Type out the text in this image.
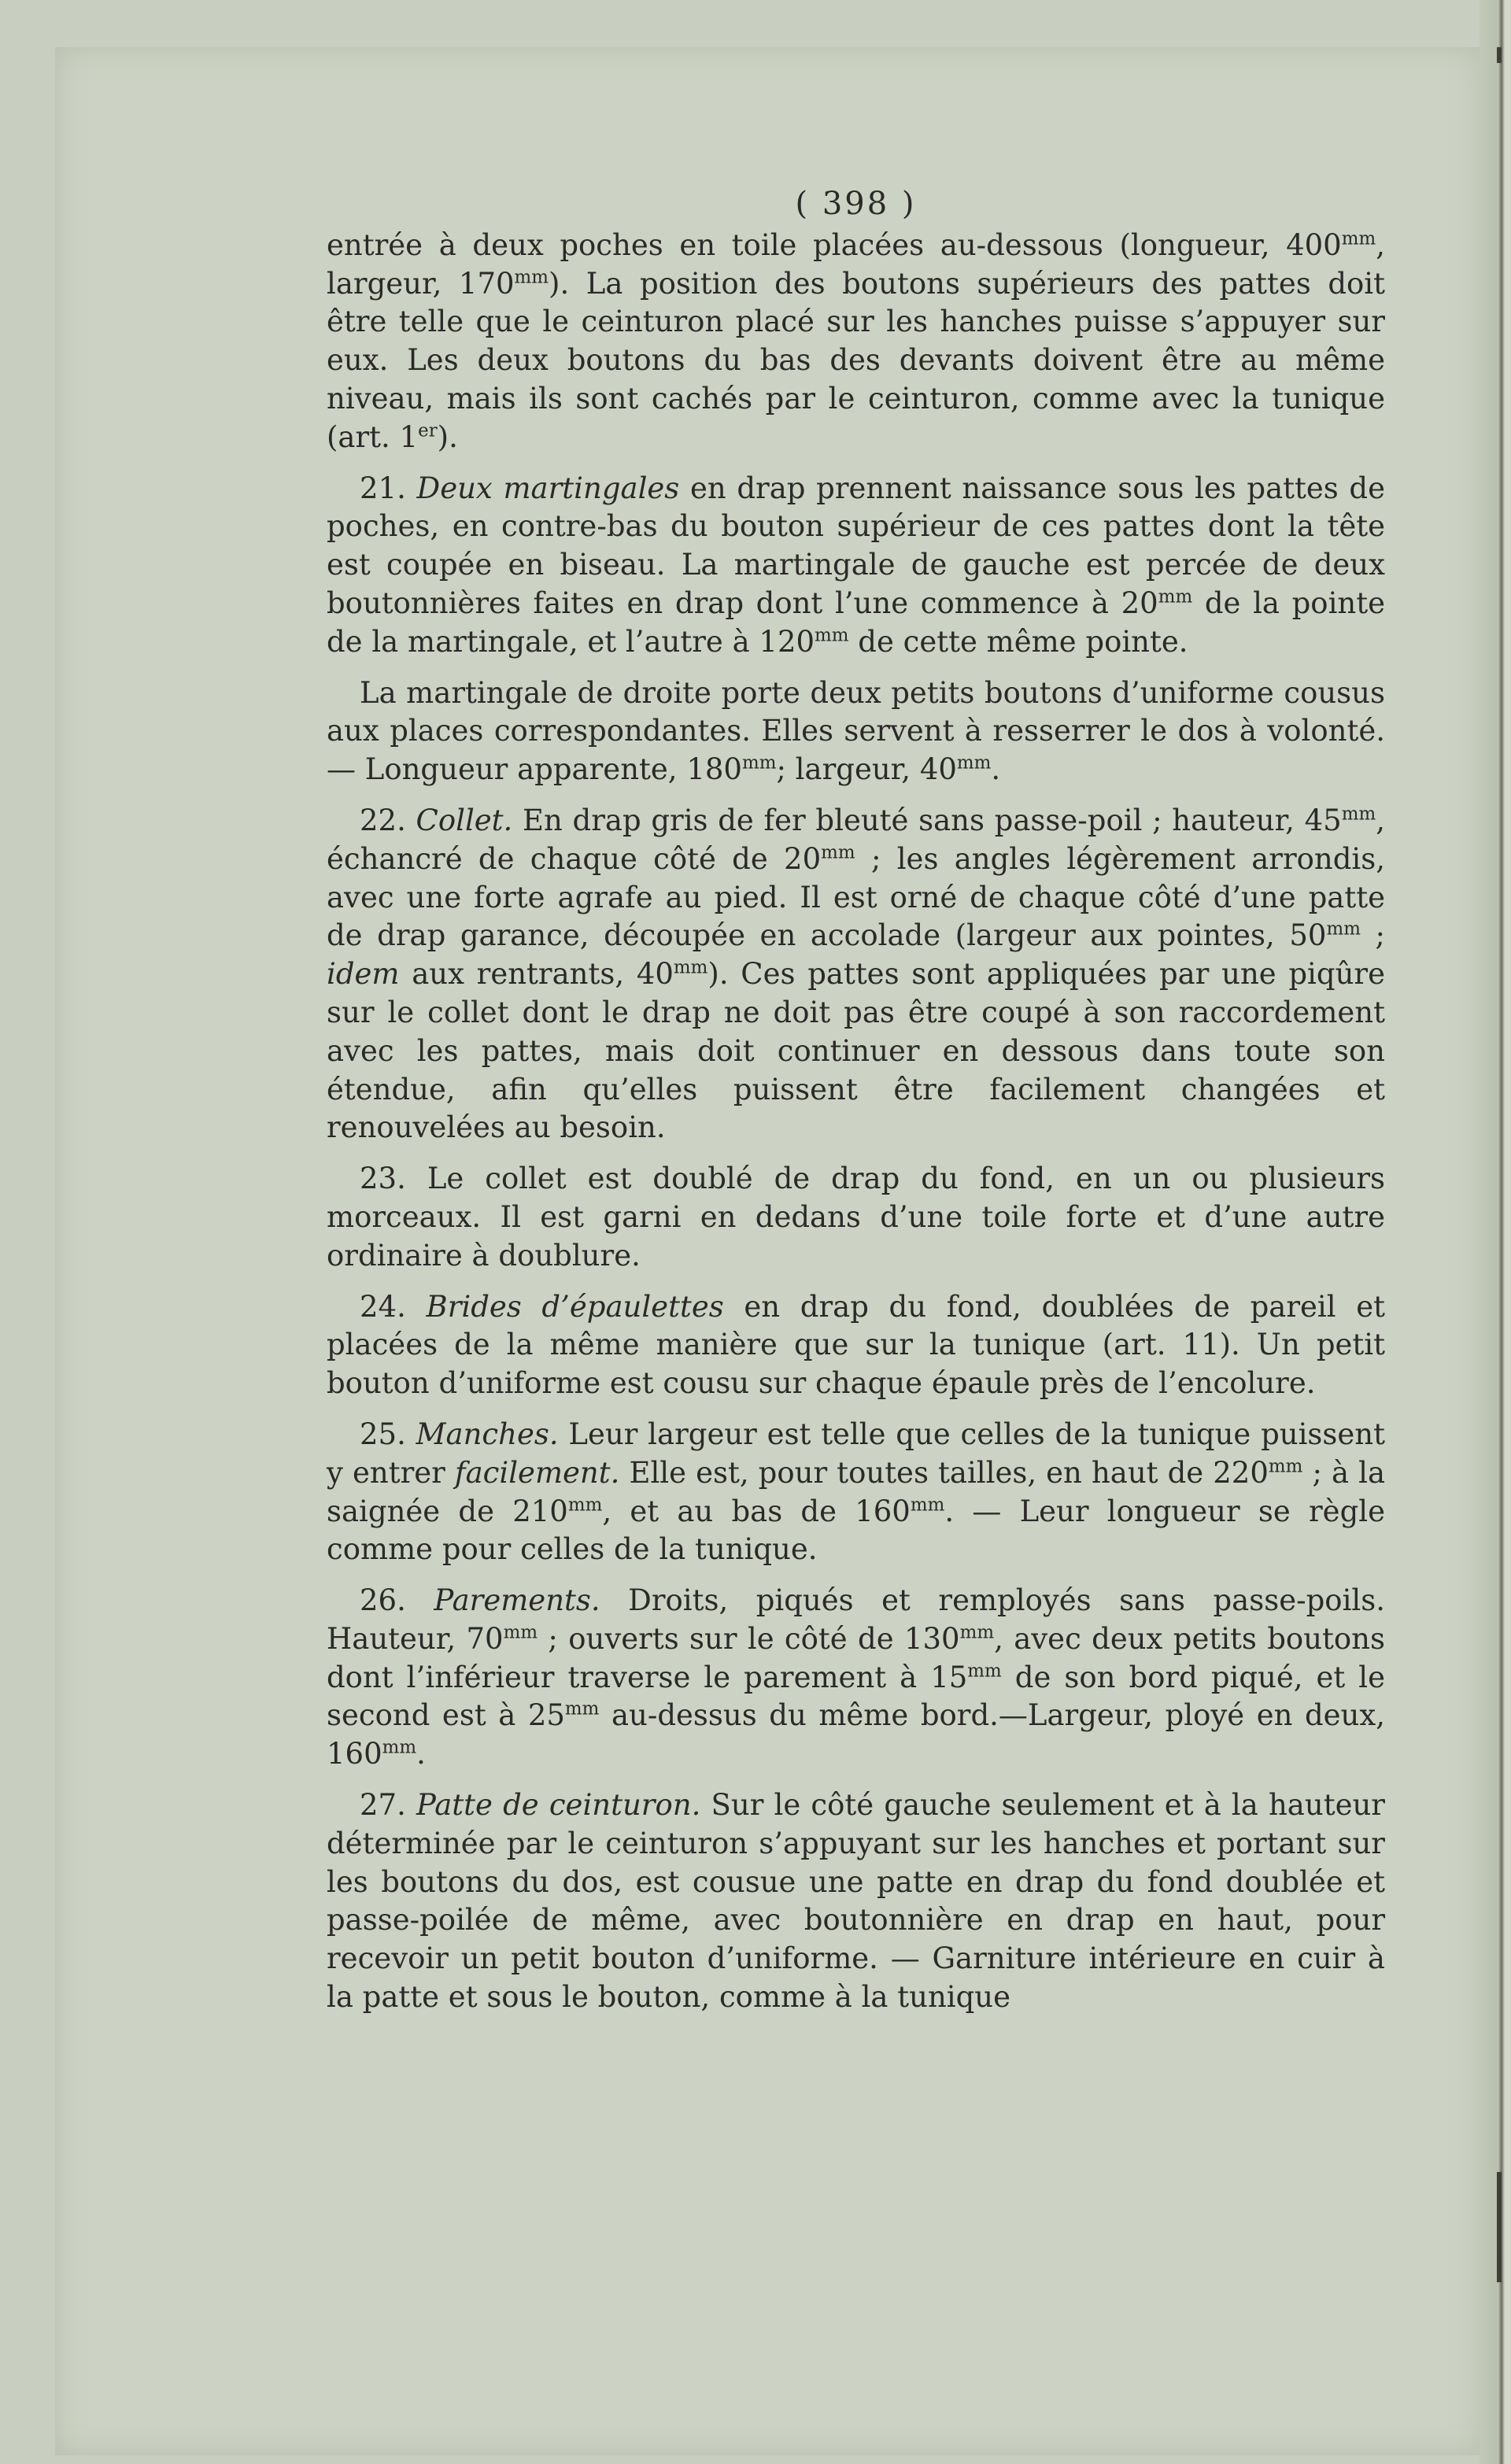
( 398 )

entrée à deux poches en toile placées au-dessous (longueur, $400^{mm}$, largeur, $170^{mm}$). La position des boutons supérieurs des pattes doit être telle que le ceinturon placé sur les hanches puisse s’appuyer sur eux. Les deux boutons du bas des devants doivent être au même niveau, mais ils sont cachés par le ceinturon, comme avec la tunique (art. 1er).

21. Deux martingales en drap prennent naissance sous les pattes de poches, en contre-bas du bouton supérieur de ces pattes dont la tête est coupée en biseau. La martingale de gauche est percée de deux boutonnières faites en drap dont l’une commence à $20^{mm}$ de la pointe de la martingale, et l’autre à $120^{mm}$ de cette même pointe.

La martingale de droite porte deux petits boutons d’uniforme cousus aux places correspondantes. Elles servent à resserrer le dos à volonté. — Longueur apparente, $180^{mm}$; largeur, $40^{mm}$.

22. Collet. En drap gris de fer bleuté sans passe-poil ; hauteur, $45^{mm}$, échancré de chaque côté de $20^{mm}$ ; les angles légèrement arrondis, avec une forte agrafe au pied. Il est orné de chaque côté d’une patte de drap garance, découpée en accolade (largeur aux pointes, $50^{mm}$ ; idem aux rentrants, $40^{mm}$). Ces pattes sont appliquées par une piqûre sur le collet dont le drap ne doit pas être coupé à son raccordement avec les pattes, mais doit continuer en dessous dans toute son étendue, afin qu’elles puissent être facilement changées et renouvelées au besoin.

23. Le collet est doublé de drap du fond, en un ou plusieurs morceaux. Il est garni en dedans d’une toile forte et d’une autre ordinaire à doublure.

24. Brides d’épaulettes en drap du fond, doublées de pareil et placées de la même manière que sur la tunique (art. 11). Un petit bouton d’uniforme est cousu sur chaque épaule près de l’encolure.

25. Manches. Leur largeur est telle que celles de la tunique puissent y entrer facilement. Elle est, pour toutes tailles, en haut de $220^{mm}$ ; à la saignée de $210^{mm}$, et au bas de $160^{mm}$. — Leur longueur se règle comme pour celles de la tunique.

26. Parements. Droits, piqués et remployés sans passe-poils. Hauteur, $70^{mm}$ ; ouverts sur le côté de $130^{mm}$, avec deux petits boutons dont l’inférieur traverse le parement à $15^{mm}$ de son bord piqué, et le second est à $25^{mm}$ au-dessus du même bord.—Largeur, ployé en deux, $160^{mm}$.

27. Patte de ceinturon. Sur le côté gauche seulement et à la hauteur déterminée par le ceinturon s’appuyant sur les hanches et portant sur les boutons du dos, est cousue une patte en drap du fond doublée et passe-poilée de même, avec boutonnière en drap en haut, pour recevoir un petit bouton d’uniforme. — Garniture intérieure en cuir à la patte et sous le bouton, comme à la tunique
